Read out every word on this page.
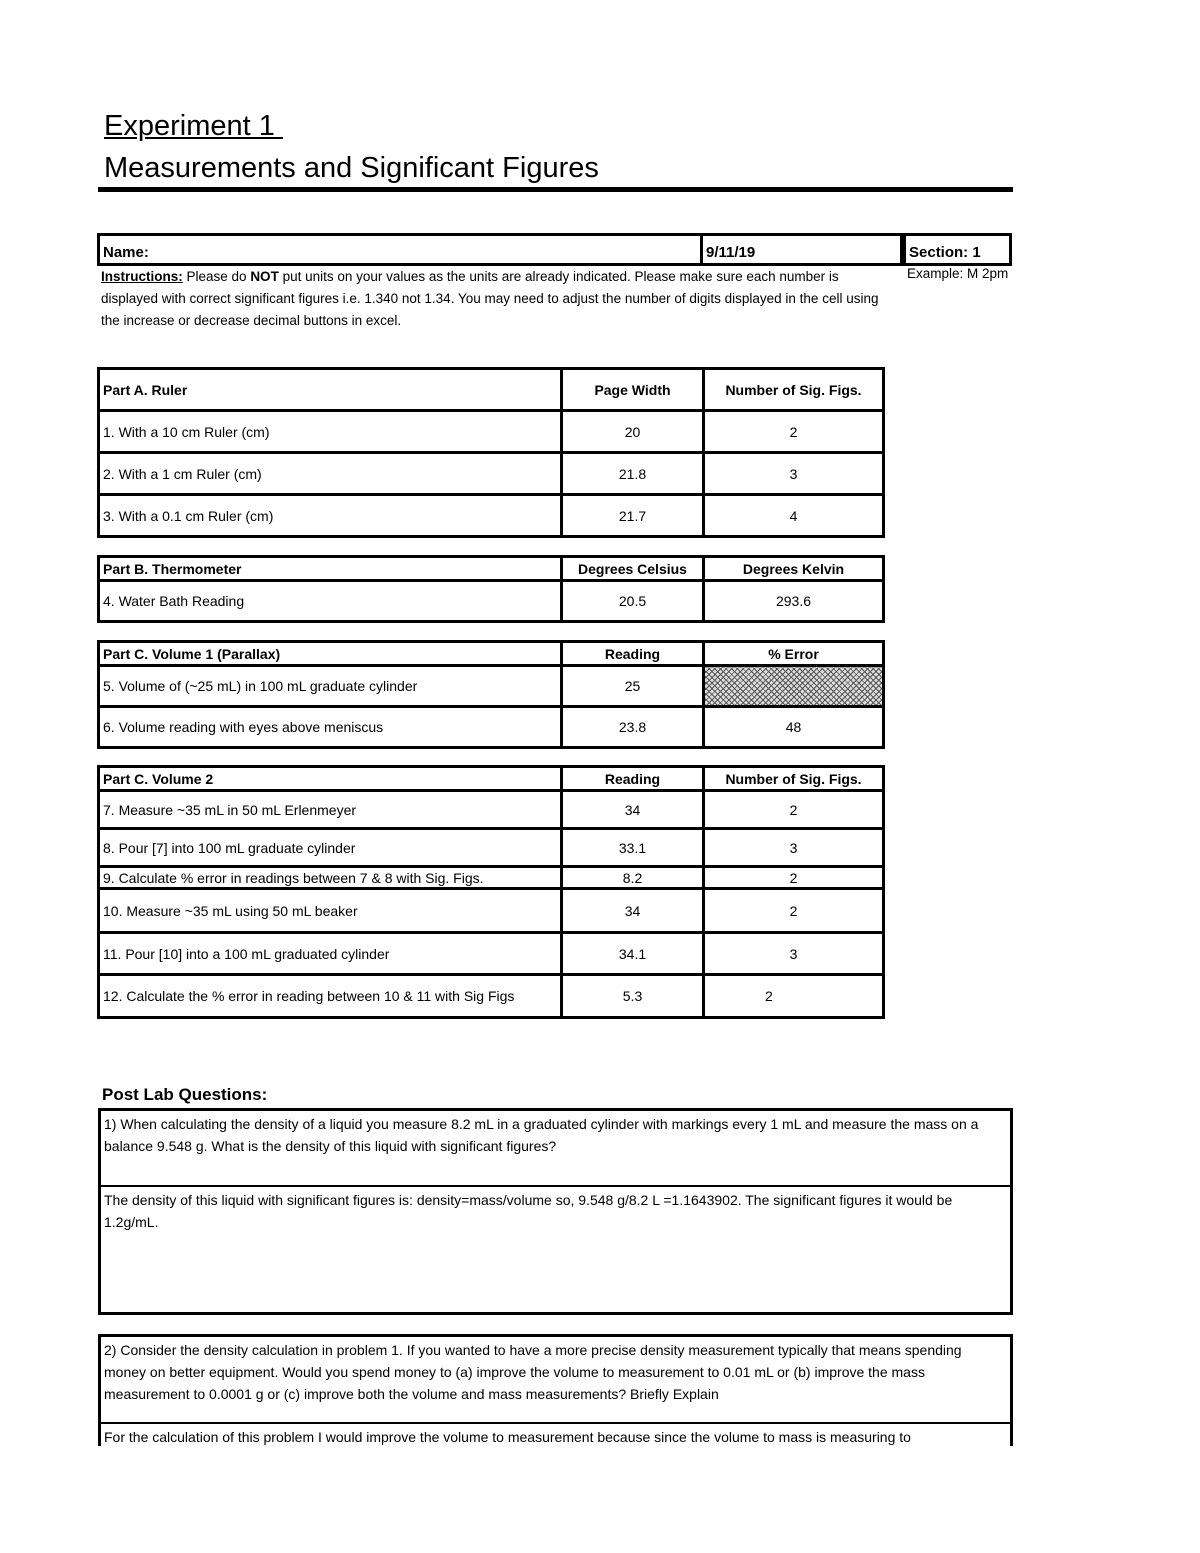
Experiment 1
Measurements and Significant Figures
Name:	9/11/19	Section: 1
Instructions: Please do NOT put units on your values as the units are already indicated. Please make sure each number is displayed with correct significant figures i.e. 1.340 not 1.34. You may need to adjust the number of digits displayed in the cell using the increase or decrease decimal buttons in excel.
Example: M 2pm
Part A. Ruler	Page Width	Number of Sig. Figs.
1. With a 10 cm Ruler (cm)	20	2
2. With a 1 cm Ruler (cm)	21.8	3
3. With a 0.1 cm Ruler (cm)	21.7	4
Part B. Thermometer	Degrees Celsius	Degrees Kelvin
4. Water Bath Reading	20.5	293.6
Part C. Volume 1 (Parallax)	Reading	% Error
5. Volume of (~25 mL) in 100 mL graduate cylinder	25	
6. Volume reading with eyes above meniscus	23.8	48
Part C. Volume 2	Reading	Number of Sig. Figs.
7. Measure ~35 mL in 50 mL Erlenmeyer	34	2
8. Pour [7] into 100 mL graduate cylinder	33.1	3
9. Calculate % error in readings between 7 & 8 with Sig. Figs.	8.2	2
10. Measure ~35 mL using 50 mL beaker	34	2
11. Pour [10] into a 100 mL graduated cylinder	34.1	3
12. Calculate the % error in reading between 10 & 11 with Sig Figs	5.3	2
Post Lab Questions:
1) When calculating the density of a liquid you measure 8.2 mL in a graduated cylinder with markings every 1 mL and measure the mass on a balance 9.548 g. What is the density of this liquid with significant figures?
The density of this liquid with significant figures is: density=mass/volume so, 9.548 g/8.2 L =1.1643902. The significant figures it would be 1.2g/mL.
2) Consider the density calculation in problem 1. If you wanted to have a more precise density measurement typically that means spending money on better equipment. Would you spend money to (a) improve the volume to measurement to 0.01 mL or (b) improve the mass measurement to 0.0001 g or (c) improve both the volume and mass measurements? Briefly Explain
For the calculation of this problem I would improve the volume to measurement because since the volume to mass is measuring to
